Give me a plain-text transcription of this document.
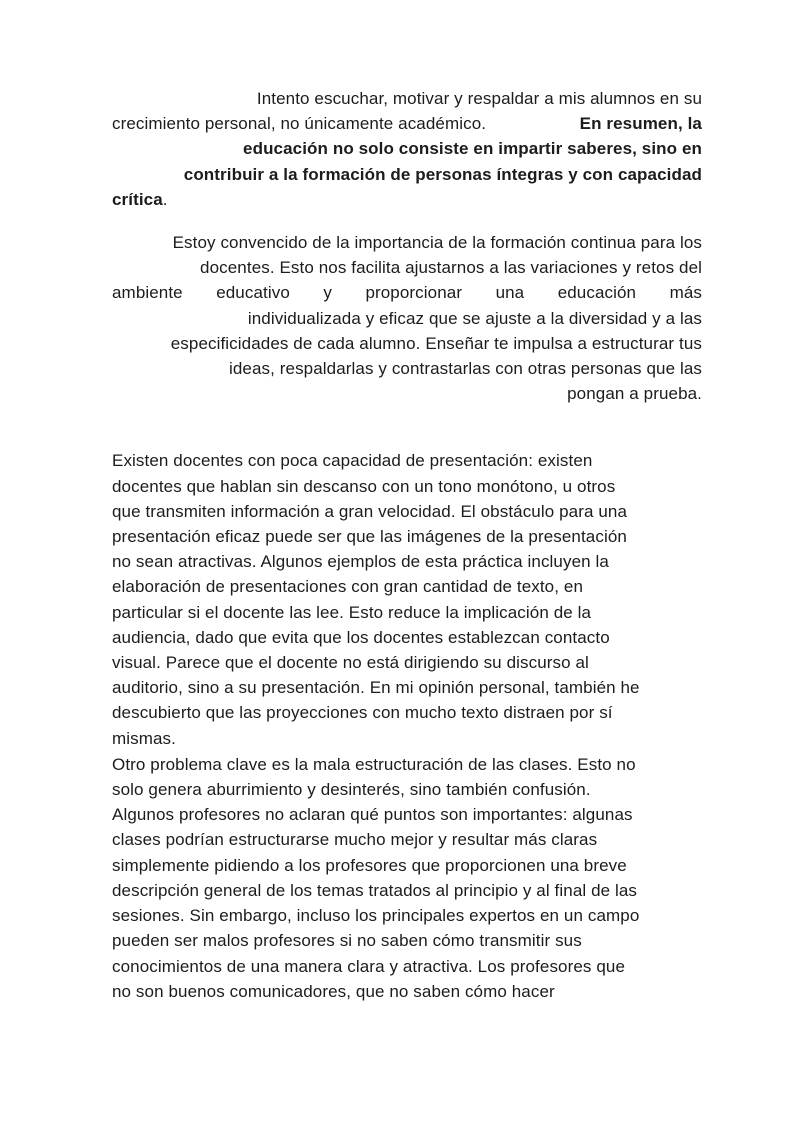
Intento escuchar, motivar y respaldar a mis alumnos en su
crecimiento personal, no únicamente académico.	En resumen, la
educación no solo consiste en impartir saberes, sino en
contribuir a la formación de personas íntegras y con capacidad
crítica.
Estoy convencido de la importancia de la formación continua para los
docentes. Esto nos facilita ajustarnos a las variaciones y retos del
ambiente educativo y proporcionar una educación más
individualizada y eficaz que se ajuste a la diversidad y a las
especificidades de cada alumno. Enseñar te impulsa a estructurar tus
ideas, respaldarlas y contrastarlas con otras personas que las
pongan a prueba.
Existen docentes con poca capacidad de presentación: existen
docentes que hablan sin descanso con un tono monótono, u otros
que transmiten información a gran velocidad. El obstáculo para una
presentación eficaz puede ser que las imágenes de la presentación
no sean atractivas. Algunos ejemplos de esta práctica incluyen la
elaboración de presentaciones con gran cantidad de texto, en
particular si el docente las lee. Esto reduce la implicación de la
audiencia, dado que evita que los docentes establezcan contacto
visual. Parece que el docente no está dirigiendo su discurso al
auditorio, sino a su presentación. En mi opinión personal, también he
descubierto que las proyecciones con mucho texto distraen por sí
mismas.
Otro problema clave es la mala estructuración de las clases. Esto no
solo genera aburrimiento y desinterés, sino también confusión.
Algunos profesores no aclaran qué puntos son importantes: algunas
clases podrían estructurarse mucho mejor y resultar más claras
simplemente pidiendo a los profesores que proporcionen una breve
descripción general de los temas tratados al principio y al final de las
sesiones. Sin embargo, incluso los principales expertos en un campo
pueden ser malos profesores si no saben cómo transmitir sus
conocimientos de una manera clara y atractiva. Los profesores que
no son buenos comunicadores, que no saben cómo hacer
